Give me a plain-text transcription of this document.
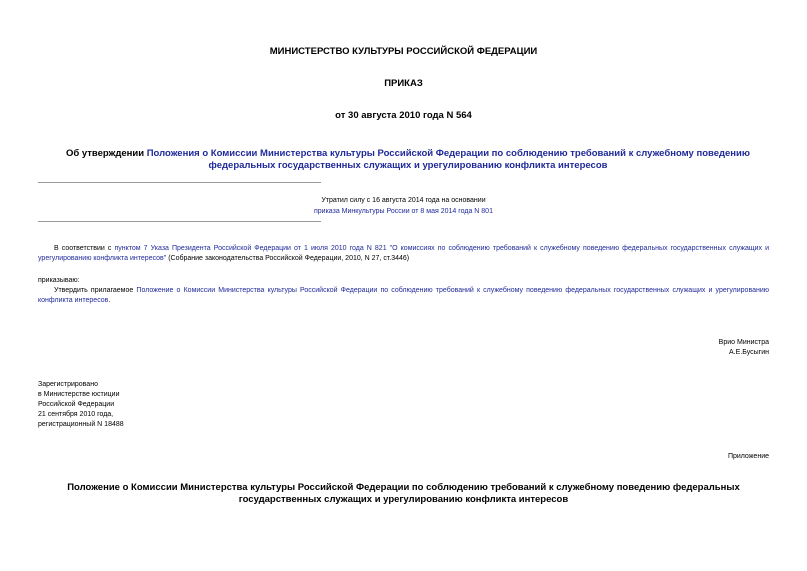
МИНИСТЕРСТВО КУЛЬТУРЫ РОССИЙСКОЙ ФЕДЕРАЦИИ
ПРИКАЗ
от 30 августа 2010 года N 564
Об утверждении Положения о Комиссии Министерства культуры Российской Федерации по соблюдению требований к служебному поведению федеральных государственных служащих и урегулированию конфликта интересов
Утратил силу с 16 августа 2014 года на основании
приказа Минкультуры России от 8 мая 2014 года N 801
В соответствии с пунктом 7 Указа Президента Российской Федерации от 1 июля 2010 года N 821 "О комиссиях по соблюдению требований к служебному поведению федеральных государственных служащих и урегулированию конфликта интересов" (Собрание законодательства Российской Федерации, 2010, N 27, ст.3446)
приказываю:
Утвердить прилагаемое Положение о Комиссии Министерства культуры Российской Федерации по соблюдению требований к служебному поведению федеральных государственных служащих и урегулированию конфликта интересов.
Врио Министра
А.Е.Бусыгин
Зарегистрировано
в Министерстве юстиции
Российской Федерации
21 сентября 2010 года,
регистрационный N 18488
Приложение
Положение о Комиссии Министерства культуры Российской Федерации по соблюдению требований к служебному поведению федеральных государственных служащих и урегулированию конфликта интересов
